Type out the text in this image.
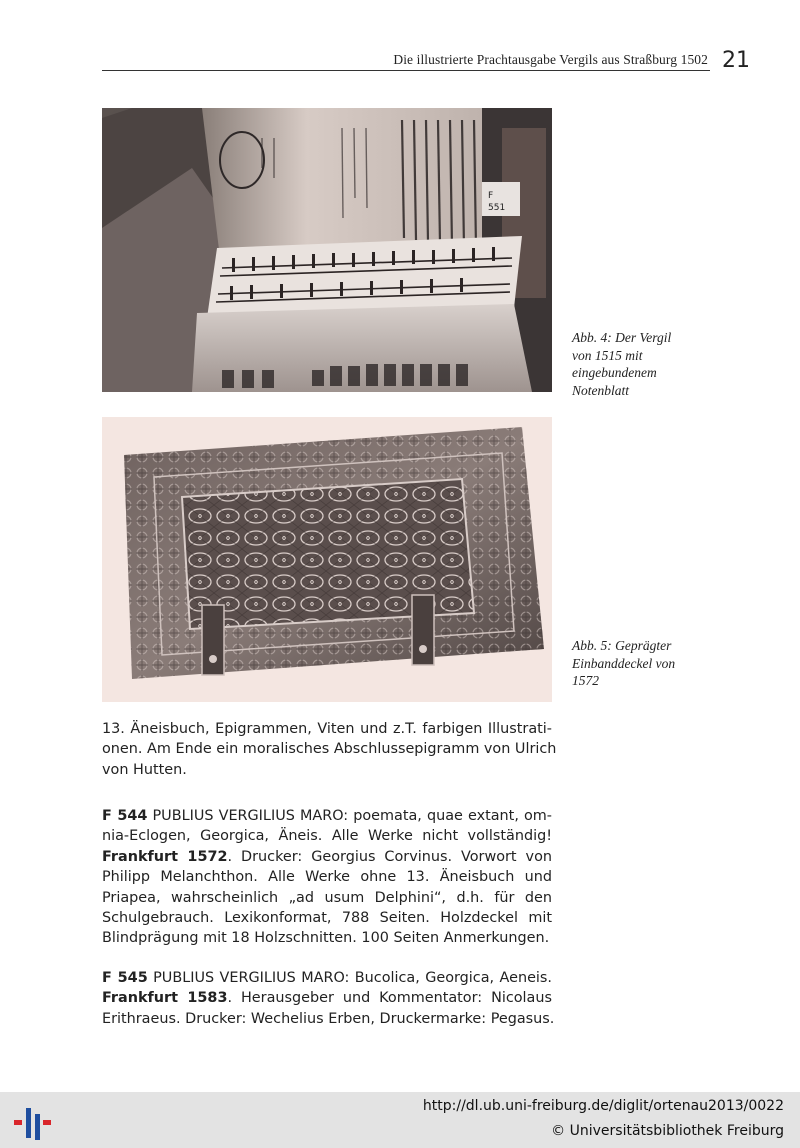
Die illustrierte Prachtausgabe Vergils aus Straßburg 1502 21
F
551
Abb. 4: Der Vergil
von 1515 mit
eingebundenem
Notenblatt
Abb. 5: Geprägter
Einbanddeckel von
1572
13. Äneisbuch, Epigrammen, Viten und z.T. farbigen Illustrati-
onen. Am Ende ein moralisches Abschlussepigramm von Ulrich
von Hutten.
F 544 PUBLIUS VERGILIUS MARO: poemata, quae extant, om-
nia-Eclogen, Georgica, Äneis. Alle Werke nicht vollständig!
Frankfurt 1572. Drucker: Georgius Corvinus. Vorwort von
Philipp Melanchthon. Alle Werke ohne 13. Äneisbuch und
Priapea, wahrscheinlich „ad usum Delphini“, d.h. für den
Schulgebrauch. Lexikonformat, 788 Seiten. Holzdeckel mit
Blindprägung mit 18 Holzschnitten. 100 Seiten Anmerkungen.
F 545 PUBLIUS VERGILIUS MARO: Bucolica, Georgica, Aeneis.
Frankfurt 1583. Herausgeber und Kommentator: Nicolaus
Erithraeus. Drucker: Wechelius Erben, Druckermarke: Pegasus.
http://dl.ub.uni-freiburg.de/diglit/ortenau2013/0022
© Universitätsbibliothek Freiburg
